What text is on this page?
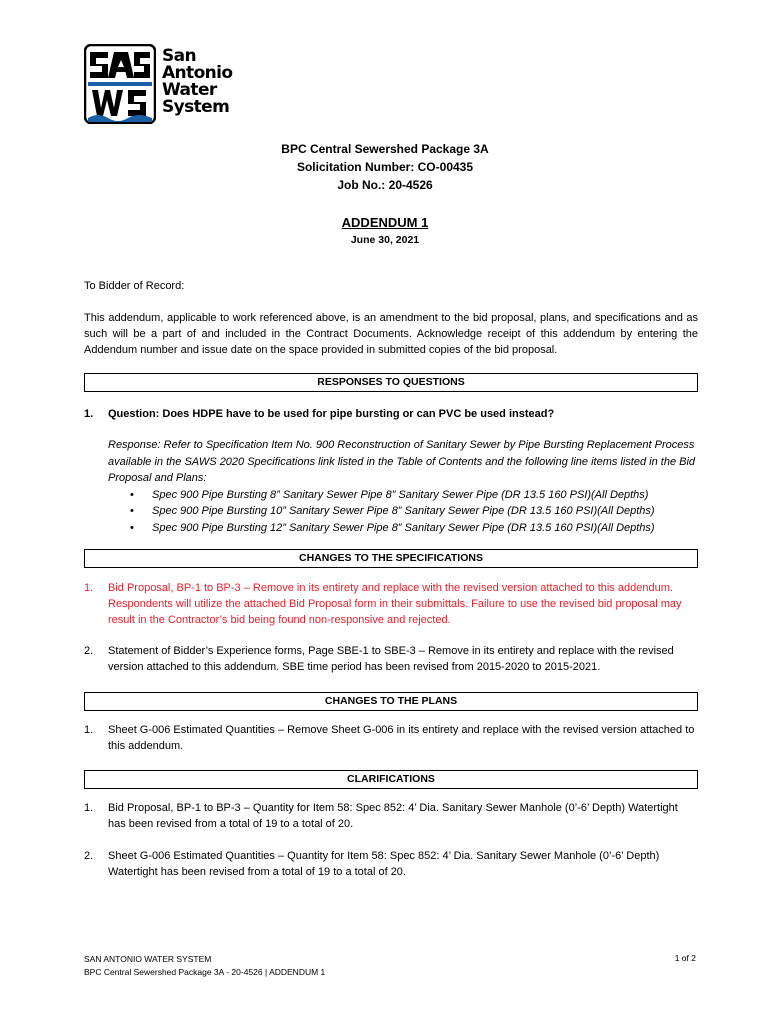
San
Antonio
Water
System
BPC Central Sewershed Package 3A
Solicitation Number: CO-00435
Job No.: 20-4526
ADDENDUM 1
June 30, 2021
To Bidder of Record:
This addendum, applicable to work referenced above, is an amendment to the bid proposal, plans, and specifications and as such will be a part of and included in the Contract Documents. Acknowledge receipt of this addendum by entering the Addendum number and issue date on the space provided in submitted copies of the bid proposal.
RESPONSES TO QUESTIONS
1. Question: Does HDPE have to be used for pipe bursting or can PVC be used instead?
Response: Refer to Specification Item No. 900 Reconstruction of Sanitary Sewer by Pipe Bursting Replacement Process available in the SAWS 2020 Specifications link listed in the Table of Contents and the following line items listed in the Bid Proposal and Plans:
• Spec 900 Pipe Bursting 8” Sanitary Sewer Pipe 8” Sanitary Sewer Pipe (DR 13.5 160 PSI)(All Depths)
• Spec 900 Pipe Bursting 10” Sanitary Sewer Pipe 8” Sanitary Sewer Pipe (DR 13.5 160 PSI)(All Depths)
• Spec 900 Pipe Bursting 12” Sanitary Sewer Pipe 8” Sanitary Sewer Pipe (DR 13.5 160 PSI)(All Depths)
CHANGES TO THE SPECIFICATIONS
1. Bid Proposal, BP-1 to BP-3 – Remove in its entirety and replace with the revised version attached to this addendum. Respondents will utilize the attached Bid Proposal form in their submittals. Failure to use the revised bid proposal may result in the Contractor’s bid being found non-responsive and rejected.
2. Statement of Bidder’s Experience forms, Page SBE-1 to SBE-3 – Remove in its entirety and replace with the revised version attached to this addendum. SBE time period has been revised from 2015-2020 to 2015-2021.
CHANGES TO THE PLANS
1. Sheet G-006 Estimated Quantities – Remove Sheet G-006 in its entirety and replace with the revised version attached to this addendum.
CLARIFICATIONS
1. Bid Proposal, BP-1 to BP-3 – Quantity for Item 58: Spec 852: 4’ Dia. Sanitary Sewer Manhole (0’-6’ Depth) Watertight has been revised from a total of 19 to a total of 20.
2. Sheet G-006 Estimated Quantities – Quantity for Item 58: Spec 852: 4’ Dia. Sanitary Sewer Manhole (0’-6’ Depth) Watertight has been revised from a total of 19 to a total of 20.
SAN ANTONIO WATER SYSTEM
BPC Central Sewershed Package 3A - 20-4526 | ADDENDUM 1
1 of 2
